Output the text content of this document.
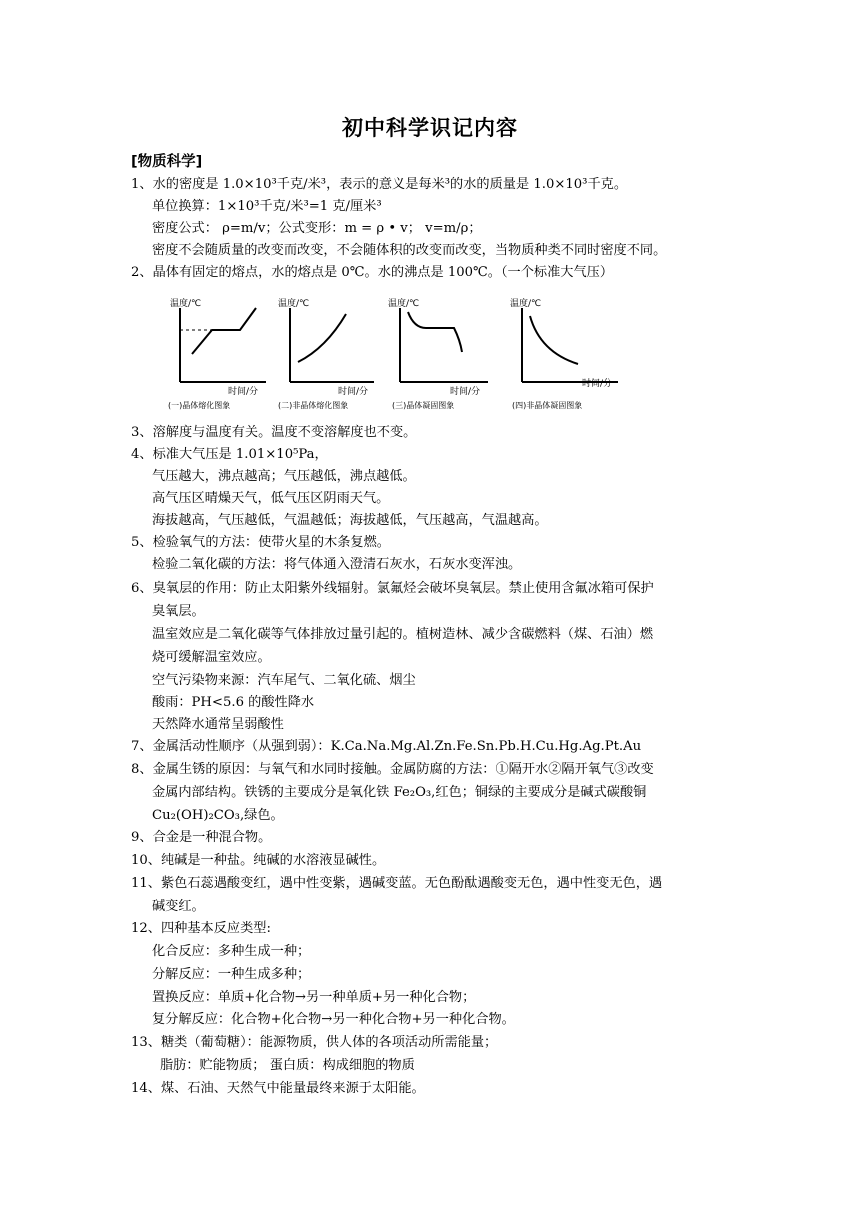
初中科学识记内容
[物质科学]
1、水的密度是 1.0×10³千克/米³，表示的意义是每米³的水的质量是 1.0×10³千克。
单位换算：1×10³千克/米³=1 克/厘米³
密度公式： ρ=m/v；公式变形：m = ρ • v； v=m/ρ；
密度不会随质量的改变而改变，不会随体积的改变而改变，当物质种类不同时密度不同。
2、晶体有固定的熔点，水的熔点是 0℃。水的沸点是 100℃。（一个标准大气压）
温度/℃
时间/分
(一)晶体熔化图象
温度/℃
时间/分
(二)非晶体熔化图象
温度/℃
时间/分
(三)晶体凝固图象
温度/℃
时间/分
(四)非晶体凝固图象
3、溶解度与温度有关。温度不变溶解度也不变。
4、标准大气压是 1.01×10⁵Pa，
气压越大，沸点越高；气压越低，沸点越低。
高气压区晴燥天气，低气压区阴雨天气。
海拔越高，气压越低，气温越低；海拔越低，气压越高，气温越高。
5、检验氧气的方法：使带火星的木条复燃。
检验二氧化碳的方法：将气体通入澄清石灰水，石灰水变浑浊。
6、臭氧层的作用：防止太阳紫外线辐射。氯氟烃会破坏臭氧层。禁止使用含氟冰箱可保护
臭氧层。
温室效应是二氧化碳等气体排放过量引起的。植树造林、减少含碳燃料（煤、石油）燃
烧可缓解温室效应。
空气污染物来源：汽车尾气、二氧化硫、烟尘
酸雨：PH<5.6 的酸性降水
天然降水通常呈弱酸性
7、金属活动性顺序（从强到弱）：K.Ca.Na.Mg.Al.Zn.Fe.Sn.Pb.H.Cu.Hg.Ag.Pt.Au
8、金属生锈的原因：与氧气和水同时接触。金属防腐的方法：①隔开水②隔开氧气③改变
金属内部结构。铁锈的主要成分是氧化铁 Fe₂O₃,红色；铜绿的主要成分是碱式碳酸铜
Cu₂(OH)₂CO₃,绿色。
9、合金是一种混合物。
10、纯碱是一种盐。纯碱的水溶液显碱性。
11、紫色石蕊遇酸变红，遇中性变紫，遇碱变蓝。无色酚酞遇酸变无色，遇中性变无色，遇
碱变红。
12、四种基本反应类型:
化合反应：多种生成一种；
分解反应：一种生成多种；
置换反应：单质+化合物→另一种单质+另一种化合物；
复分解反应：化合物+化合物→另一种化合物+另一种化合物。
13、糖类（葡萄糖）：能源物质，供人体的各项活动所需能量；
脂肪：贮能物质； 蛋白质：构成细胞的物质
14、煤、石油、天然气中能量最终来源于太阳能。
